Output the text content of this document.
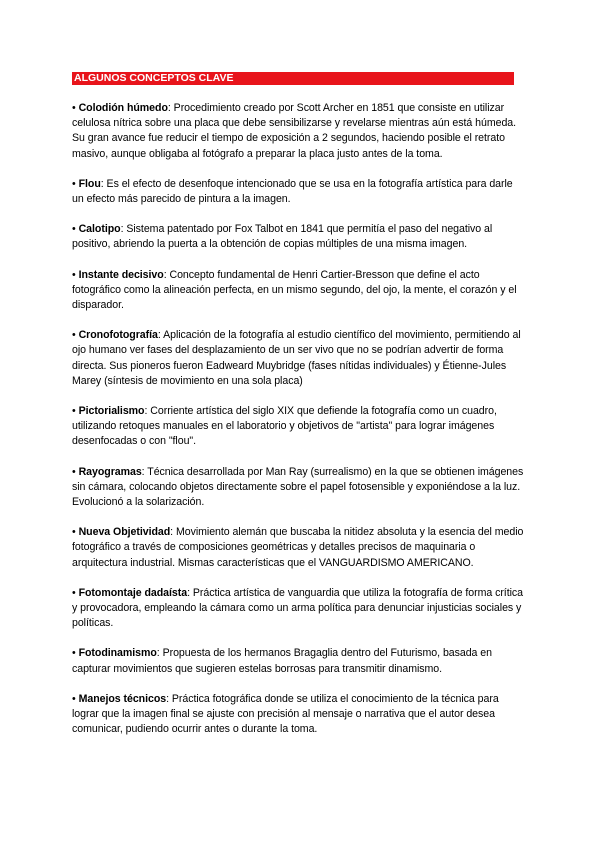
ALGUNOS CONCEPTOS CLAVE

• Colodión húmedo: Procedimiento creado por Scott Archer en 1851 que consiste en utilizar celulosa nítrica sobre una placa que debe sensibilizarse y revelarse mientras aún está húmeda. Su gran avance fue reducir el tiempo de exposición a 2 segundos, haciendo posible el retrato masivo, aunque obligaba al fotógrafo a preparar la placa justo antes de la toma.

• Flou: Es el efecto de desenfoque intencionado que se usa en la fotografía artística para darle un efecto más parecido de pintura a la imagen.

• Calotipo: Sistema patentado por Fox Talbot en 1841 que permitía el paso del negativo al positivo, abriendo la puerta a la obtención de copias múltiples de una misma imagen.

• Instante decisivo: Concepto fundamental de Henri Cartier-Bresson que define el acto fotográfico como la alineación perfecta, en un mismo segundo, del ojo, la mente, el corazón y el disparador.

• Cronofotografía: Aplicación de la fotografía al estudio científico del movimiento, permitiendo al ojo humano ver fases del desplazamiento de un ser vivo que no se podrían advertir de forma directa. Sus pioneros fueron Eadweard Muybridge (fases nítidas individuales) y Étienne-Jules Marey (síntesis de movimiento en una sola placa)

• Pictorialismo: Corriente artística del siglo XIX que defiende la fotografía como un cuadro, utilizando retoques manuales en el laboratorio y objetivos de "artista" para lograr imágenes desenfocadas o con "flou".

• Rayogramas: Técnica desarrollada por Man Ray (surrealismo) en la que se obtienen imágenes sin cámara, colocando objetos directamente sobre el papel fotosensible y exponiéndose a la luz. Evolucionó a la solarización.

• Nueva Objetividad: Movimiento alemán que buscaba la nitidez absoluta y la esencia del medio fotográfico a través de composiciones geométricas y detalles precisos de maquinaria o arquitectura industrial. Mismas características que el VANGUARDISMO AMERICANO.

• Fotomontaje dadaísta: Práctica artística de vanguardia que utiliza la fotografía de forma crítica y provocadora, empleando la cámara como un arma política para denunciar injusticias sociales y políticas.

• Fotodinamismo: Propuesta de los hermanos Bragaglia dentro del Futurismo, basada en capturar movimientos que sugieren estelas borrosas para transmitir dinamismo.

• Manejos técnicos: Práctica fotográfica donde se utiliza el conocimiento de la técnica para lograr que la imagen final se ajuste con precisión al mensaje o narrativa que el autor desea comunicar, pudiendo ocurrir antes o durante la toma.
